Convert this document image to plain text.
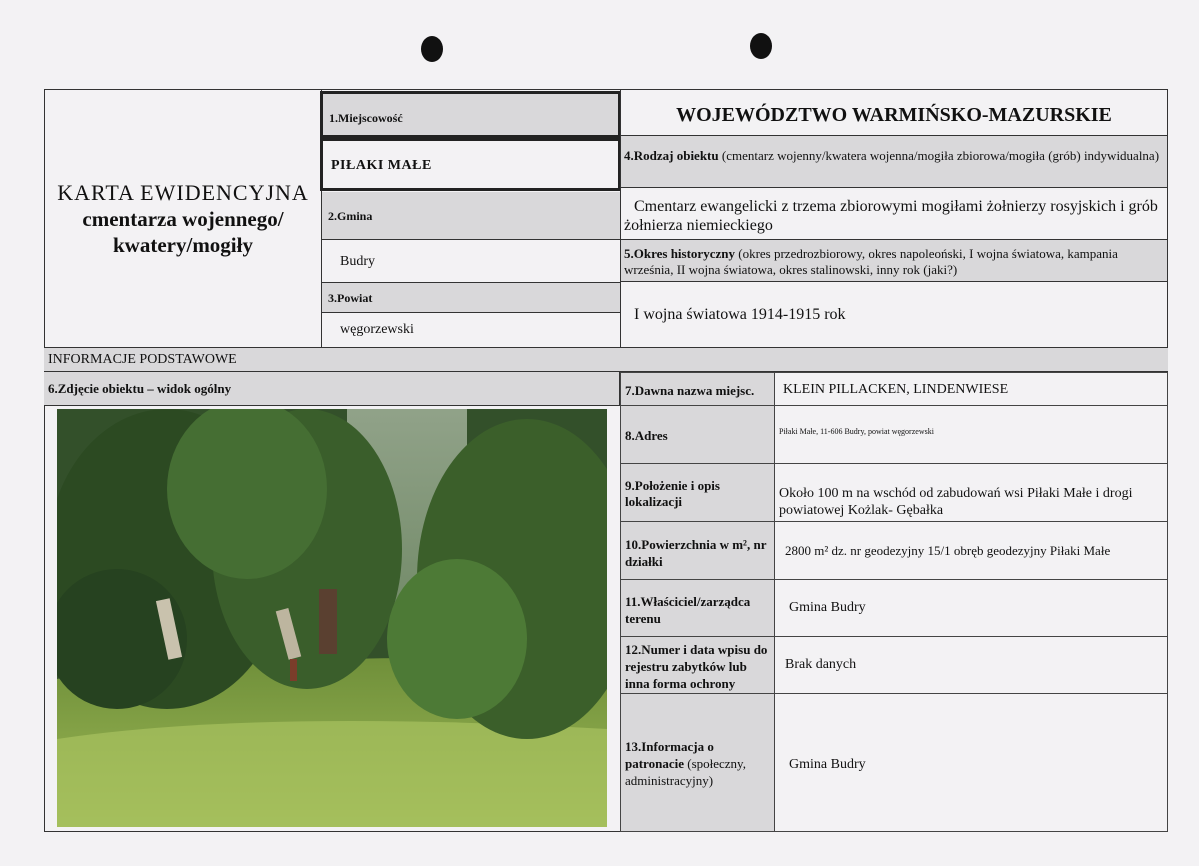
KARTA EWIDENCYJNA
cmentarza wojennego/
kwatery/mogiły
1.Miejscowość
PIŁAKI MAŁE
2.Gmina
Budry
3.Powiat
węgorzewski
WOJEWÓDZTWO WARMIŃSKO-MAZURSKIE
4.Rodzaj obiektu (cmentarz wojenny/kwatera wojenna/mogiła zbiorowa/mogiła (grób) indywidualna)
Cmentarz ewangelicki z trzema zbiorowymi mogiłami żołnierzy rosyjskich i grób żołnierza niemieckiego
5.Okres historyczny (okres przedrozbiorowy, okres napoleoński, I wojna światowa, kampania września, II wojna światowa, okres stalinowski, inny rok (jaki?)
I wojna światowa 1914-1915 rok
INFORMACJE PODSTAWOWE
6.Zdjęcie obiektu – widok ogólny	7.Dawna nazwa miejsc.	KLEIN PILLACKEN, LINDENWIESE
8.Adres	Piłaki Małe, 11-606 Budry, powiat węgorzewski
9.Położenie i opis lokalizacji
Około 100 m na wschód od zabudowań wsi Piłaki Małe i drogi powiatowej Kożlak- Gębałka
10.Powierzchnia w m², nr działki
2800 m² dz. nr geodezyjny 15/1 obręb geodezyjny Piłaki Małe
11.Właściciel/zarządca terenu
Gmina Budry
12.Numer i data wpisu do rejestru zabytków lub inna forma ochrony
Brak danych
13.Informacja o patronacie (społeczny, administracyjny)
Gmina Budry
